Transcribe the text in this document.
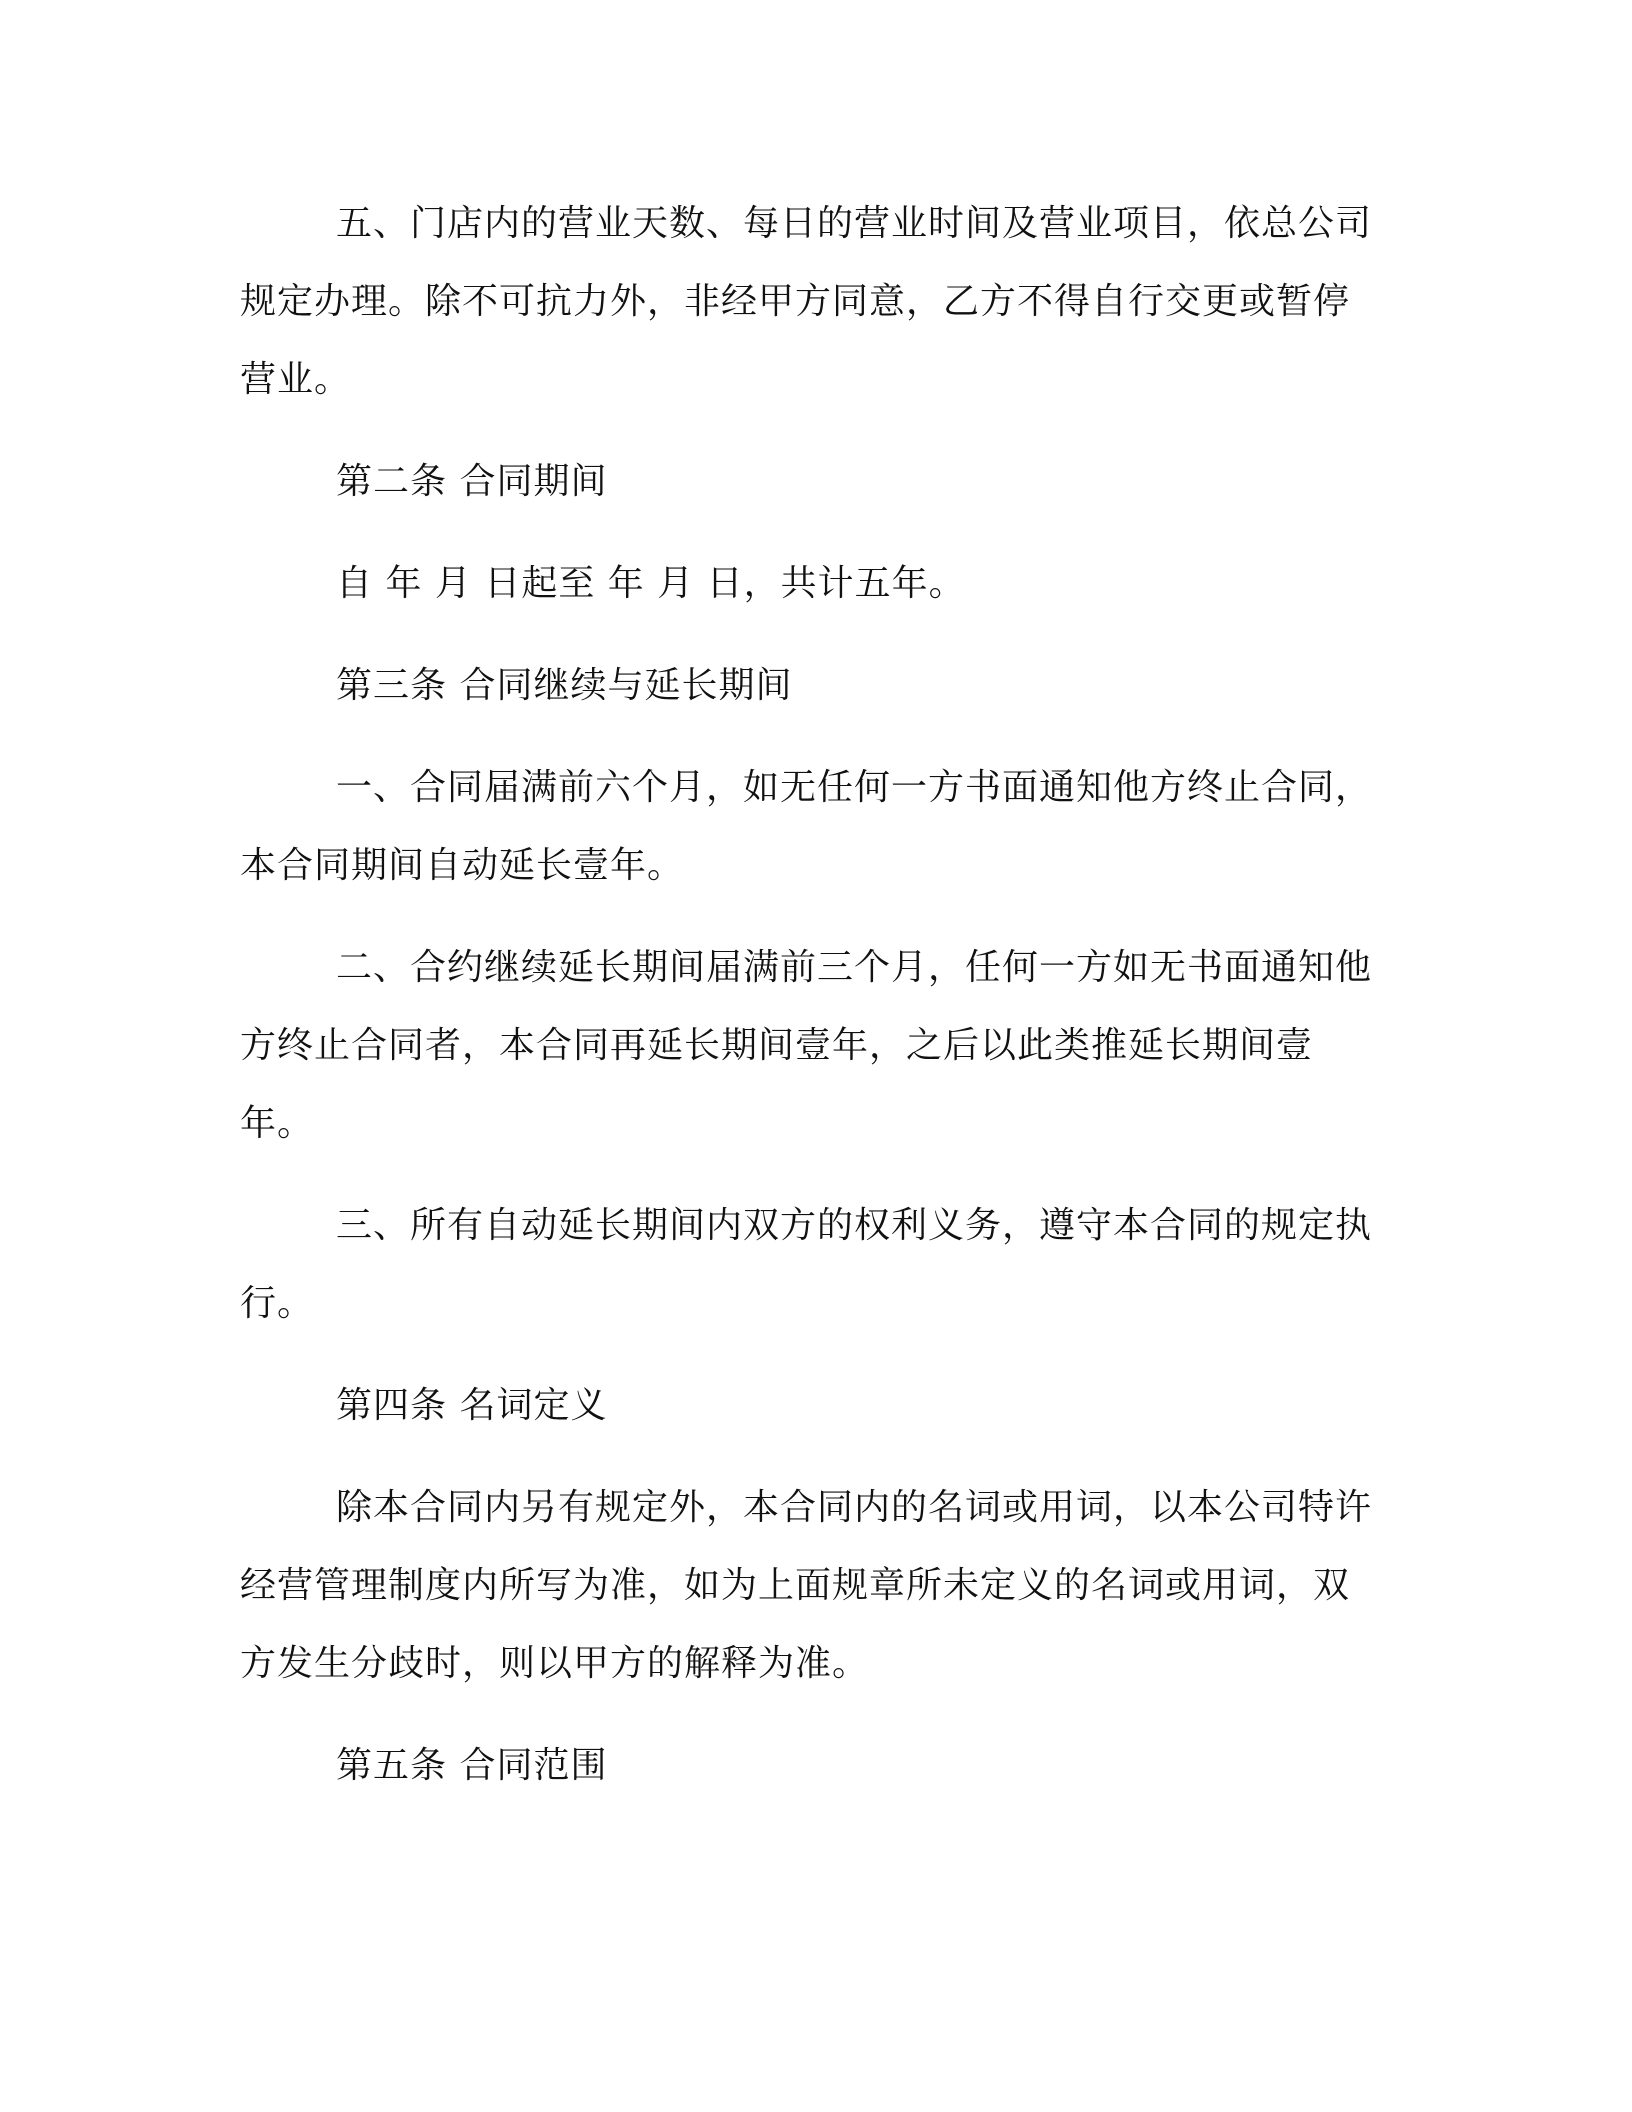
五、门店内的营业天数、每日的营业时间及营业项目，依总公司规定办理。除不可抗力外，非经甲方同意，乙方不得自行交更或暂停营业。

第二条 合同期间

自 年 月 日起至 年 月 日，共计五年。

第三条 合同继续与延长期间

一、合同届满前六个月，如无任何一方书面通知他方终止合同，本合同期间自动延长壹年。

二、合约继续延长期间届满前三个月，任何一方如无书面通知他方终止合同者，本合同再延长期间壹年，之后以此类推延长期间壹年。

三、所有自动延长期间内双方的权利义务，遵守本合同的规定执行。

第四条 名词定义

除本合同内另有规定外，本合同内的名词或用词，以本公司特许经营管理制度内所写为准，如为上面规章所未定义的名词或用词，双方发生分歧时，则以甲方的解释为准。

第五条 合同范围
